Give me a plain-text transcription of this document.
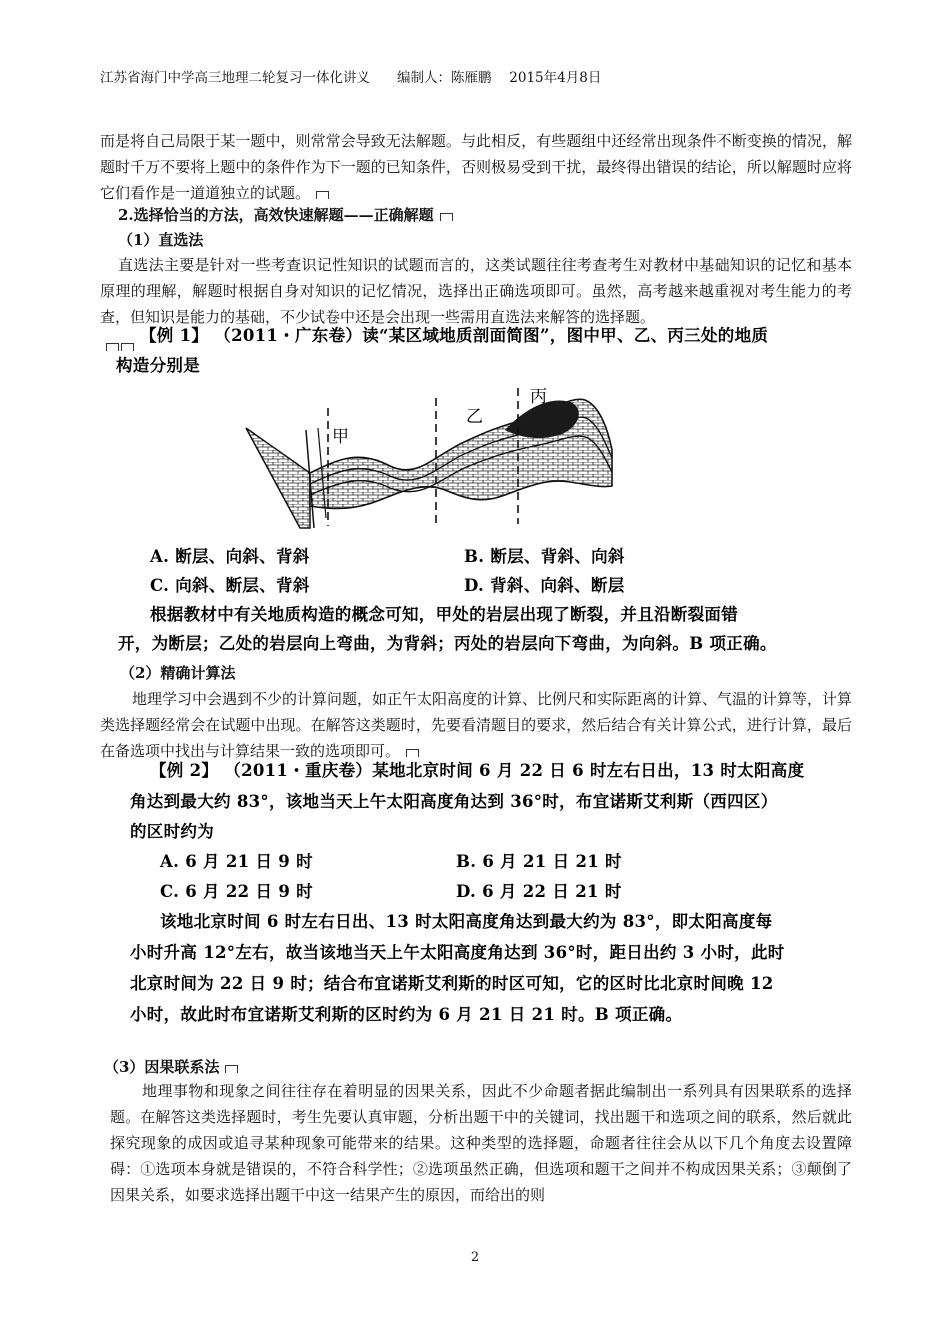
江苏省海门中学高三地理二轮复习一体化讲义　　编制人：陈雁鹏　 2015年4月8日
而是将自己局限于某一题中，则常常会导致无法解题。与此相反，有些题组中还经常出现条件不断变换的情况，解题时千万不要将上题中的条件作为下一题的已知条件，否则极易受到干扰，最终得出错误的结论，所以解题时应将它们看作是一道道独立的试题。
2.选择恰当的方法，高效快速解题——正确解题
（1）直选法
直选法主要是针对一些考查识记性知识的试题而言的，这类试题往往考查考生对教材中基础知识的记忆和基本原理的理解，解题时根据自身对知识的记忆情况，选择出正确选项即可。虽然，高考越来越重视对考生能力的考查，但知识是能力的基础，不少试卷中还是会出现一些需用直选法来解答的选择题。
【例 1】 （2011・广东卷）读“某区域地质剖面简图”，图中甲、乙、丙三处的地质
构造分别是
甲
乙
丙
A. 断层、向斜、背斜	B. 断层、背斜、向斜
C. 向斜、断层、背斜	D. 背斜、向斜、断层
根据教材中有关地质构造的概念可知，甲处的岩层出现了断裂，并且沿断裂面错
开，为断层；乙处的岩层向上弯曲，为背斜；丙处的岩层向下弯曲，为向斜。B 项正确。
（2）精确计算法
地理学习中会遇到不少的计算问题，如正午太阳高度的计算、比例尺和实际距离的计算、气温的计算等，计算类选择题经常会在试题中出现。在解答这类题时，先要看清题目的要求，然后结合有关计算公式，进行计算，最后在备选项中找出与计算结果一致的选项即可。
【例 2】 （2011・重庆卷）某地北京时间 6 月 22 日 6 时左右日出，13 时太阳高度
角达到最大约 83°，该地当天上午太阳高度角达到 36°时，布宜诺斯艾利斯（西四区）
的区时约为
A. 6 月 21 日 9 时	B. 6 月 21 日 21 时
C. 6 月 22 日 9 时	D. 6 月 22 日 21 时
该地北京时间 6 时左右日出、13 时太阳高度角达到最大约为 83°，即太阳高度每
小时升高 12°左右，故当该地当天上午太阳高度角达到 36°时，距日出约 3 小时，此时
北京时间为 22 日 9 时；结合布宜诺斯艾利斯的时区可知，它的区时比北京时间晚 12
小时，故此时布宜诺斯艾利斯的区时约为 6 月 21 日 21 时。B 项正确。
（3）因果联系法
地理事物和现象之间往往存在着明显的因果关系，因此不少命题者据此编制出一系列具有因果联系的选择题。在解答这类选择题时，考生先要认真审题，分析出题干中的关键词，找出题干和选项之间的联系，然后就此探究现象的成因或追寻某种现象可能带来的结果。这种类型的选择题，命题者往往会从以下几个角度去设置障碍：①选项本身就是错误的，不符合科学性；②选项虽然正确，但选项和题干之间并不构成因果关系；③颠倒了因果关系，如要求选择出题干中这一结果产生的原因，而给出的则
2
